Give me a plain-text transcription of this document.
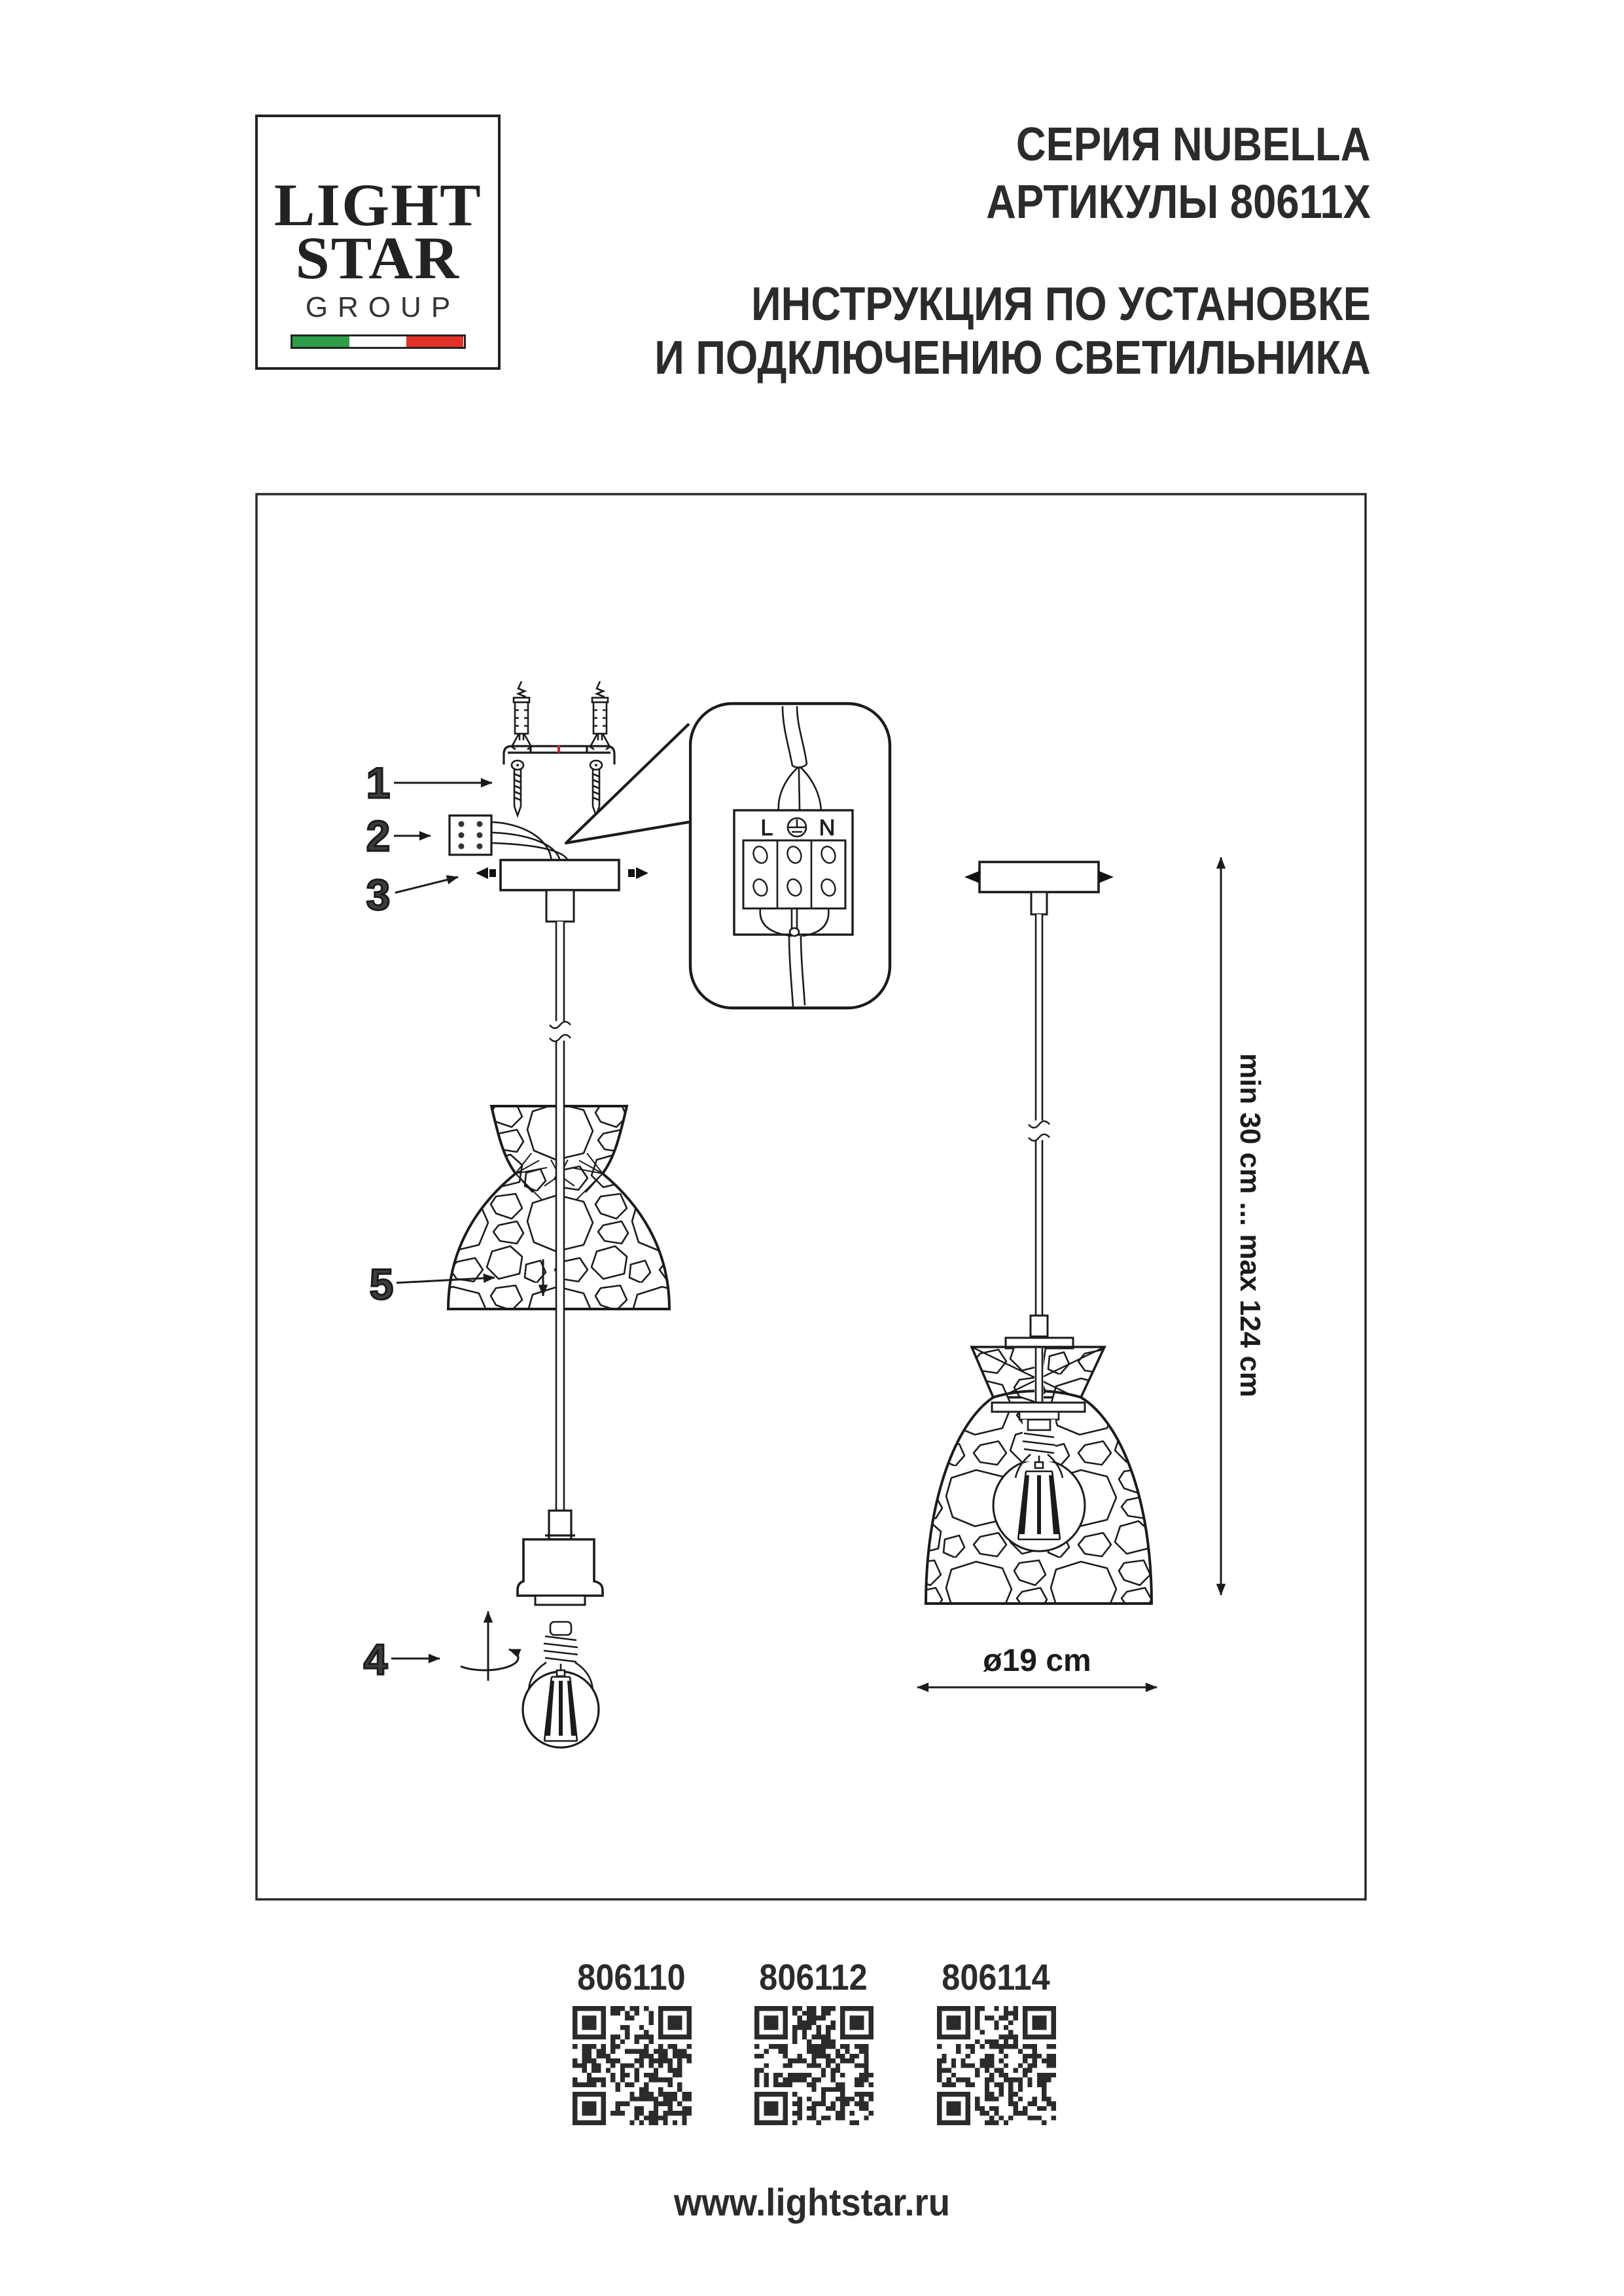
LIGHT
STAR
GROUP
СЕРИЯ NUBELLA
АРТИКУЛЫ 80611X
ИНСТРУКЦИЯ ПО УСТАНОВКЕ
И ПОДКЛЮЧЕНИЮ СВЕТИЛЬНИКА
1
2
3
4
5
L N
min 30 cm ... max 124 cm
ø19 cm
806110 806112 806114
www.lightstar.ru
